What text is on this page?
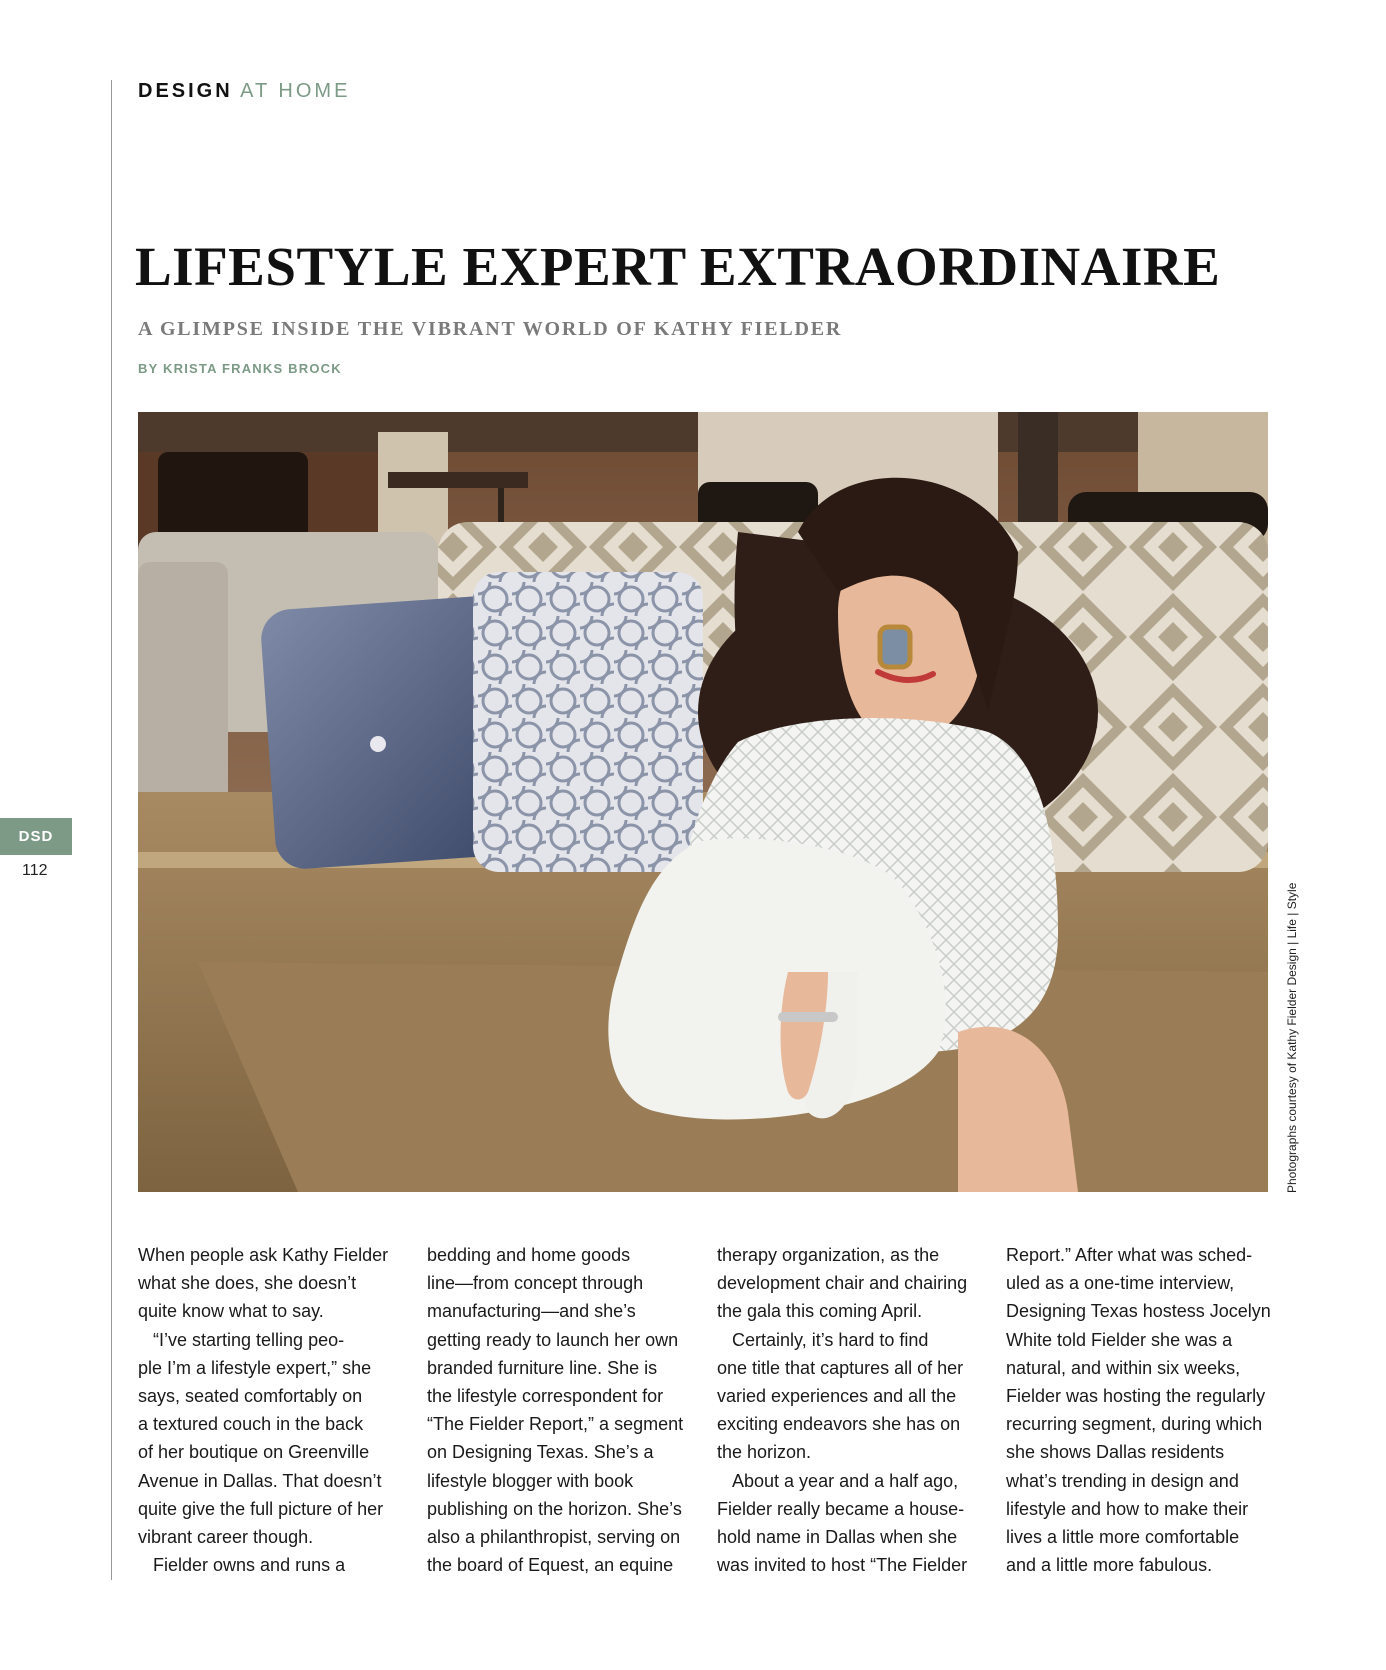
DESIGN AT HOME
LIFESTYLE EXPERT EXTRAORDINAIRE
A GLIMPSE INSIDE THE VIBRANT WORLD OF KATHY FIELDER
BY KRISTA FRANKS BROCK
Photographs courtesy of Kathy Fielder Design | Life | Style
DSD
112

When people ask Kathy Fielder

what she does, she doesn’t

quite know what to say.

“I’ve starting telling peo-

ple I’m a lifestyle expert,” she

says, seated comfortably on

a textured couch in the back

of her boutique on Greenville

Avenue in Dallas. That doesn’t

quite give the full picture of her

vibrant career though.

Fielder owns and runs a

bedding and home goods

line—from concept through

manufacturing—and she’s

getting ready to launch her own

branded furniture line. She is

the lifestyle correspondent for

“The Fielder Report,” a segment

on Designing Texas. She’s a

lifestyle blogger with book

publishing on the horizon. She’s

also a philanthropist, serving on

the board of Equest, an equine

therapy organization, as the

development chair and chairing

the gala this coming April.

Certainly, it’s hard to find

one title that captures all of her

varied experiences and all the

exciting endeavors she has on

the horizon.

About a year and a half ago,

Fielder really became a house-

hold name in Dallas when she

was invited to host “The Fielder

Report.” After what was sched-

uled as a one-time interview,

Designing Texas hostess Jocelyn

White told Fielder she was a

natural, and within six weeks,

Fielder was hosting the regularly

recurring segment, during which

she shows Dallas residents

what’s trending in design and

lifestyle and how to make their

lives a little more comfortable

and a little more fabulous.
